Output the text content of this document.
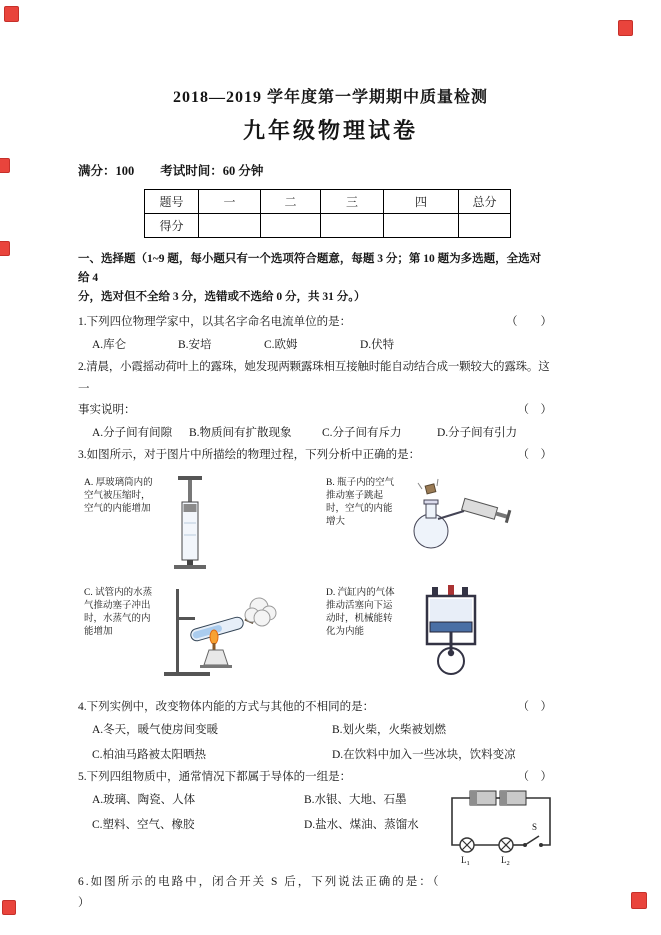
2018—2019 学年度第一学期期中质量检测
九年级物理试卷
满分：100 考试时间：60 分钟
题号	一	二	三	四	总分
得分					
一、选择题（1~9 题，每小题只有一个选项符合题意，每题 3 分；第 10 题为多选题，全选对给 4
分，选对但不全给 3 分，选错或不选给 0 分，共 31 分。）
1.下列四位物理学家中，以其名字命名电流单位的是：	（　　）
A.库仑	B.安培	C.欧姆	D.伏特
2.清晨，小霞摇动荷叶上的露珠，她发现两颗露珠相互接触时能自动结合成一颗较大的露珠。这一
事实说明：	（　）
A.分子间有间隙	B.物质间有扩散现象	C.分子间有斥力	D.分子间有引力
3.如图所示，对于图片中所描绘的物理过程，下列分析中正确的是：	（　）
A. 厚玻璃筒内的空气被压缩时，空气的内能增加
B. 瓶子内的空气推动塞子跳起时，空气的内能增大
C. 试管内的水蒸气推动塞子冲出时，水蒸气的内能增加
D. 汽缸内的气体推动活塞向下运动时，机械能转化为内能
4.下列实例中，改变物体内能的方式与其他的不相同的是：	（　）
A.冬天，暖气使房间变暖	B.划火柴，火柴被划燃
C.柏油马路被太阳晒热	D.在饮料中加入一些冰块，饮料变凉
5.下列四组物质中，通常情况下都属于导体的一组是：	（　）
A.玻璃、陶瓷、人体	B.水银、大地、石墨
C.塑料、空气、橡胶	D.盐水、煤油、蒸馏水
$L_1$	$L_2$
S
6.如图所示的电路中，闭合开关 S 后，下列说法正确的是：（
）
